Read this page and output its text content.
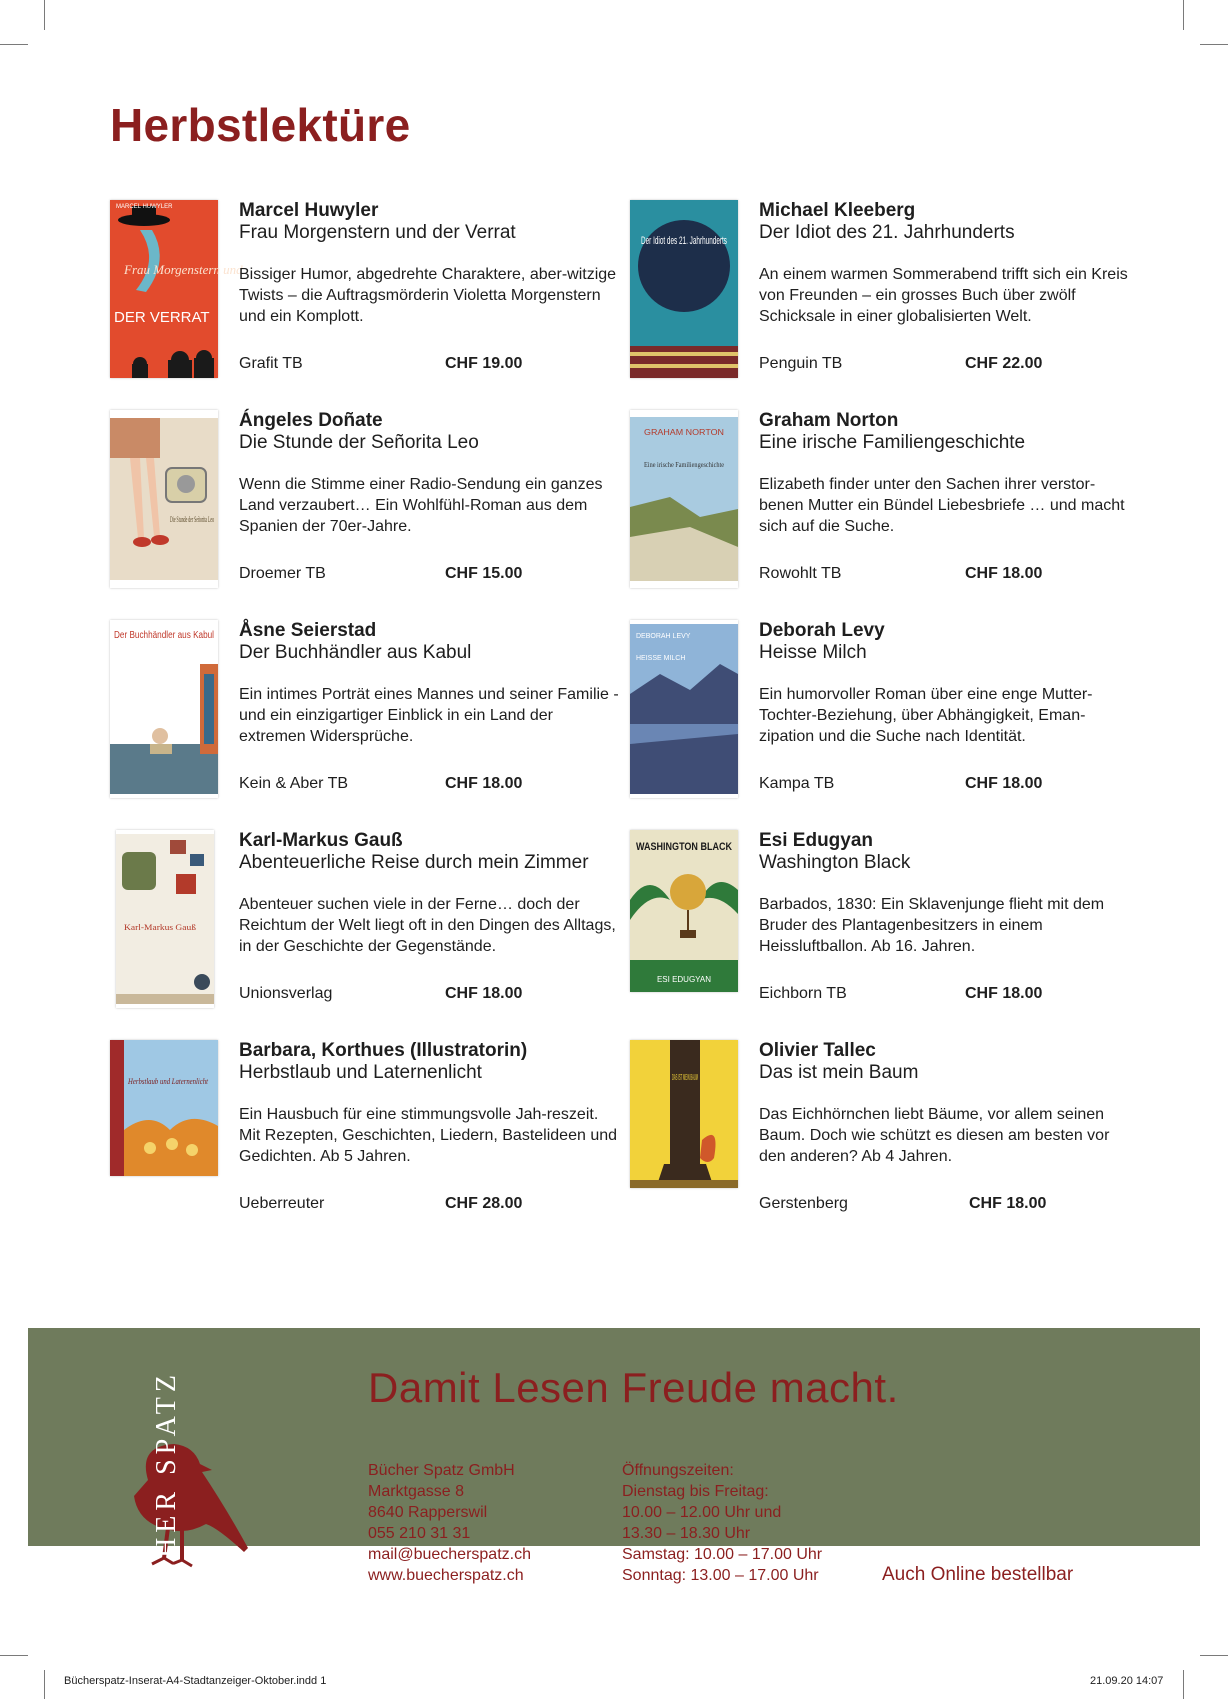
Herbstlektüre
MARCEL HUWYLER
Frau Morgenstern und
DER VERRAT

Marcel Huwyler

Frau Morgenstern und der Verrat

Bissiger Humor, abgedrehte Charaktere, aber-witzige Twists – die Auftragsmörderin Violetta Morgenstern und ein Komplott.

Grafit TB	CHF 19.00
Der Idiot des 21. Jahrhunderts

Michael Kleeberg

Der Idiot des 21. Jahrhunderts

An einem warmen Sommerabend trifft sich ein Kreis von Freunden – ein grosses Buch über zwölf Schicksale in einer globalisierten Welt.

Penguin TB	CHF 22.00
Die Stunde der Señorita Leo

Ángeles Doñate

Die Stunde der Señorita Leo

Wenn die Stimme einer Radio-Sendung ein ganzes Land verzaubert… Ein Wohlfühl-Roman aus dem Spanien der 70er-Jahre.

Droemer TB	CHF 15.00
GRAHAM NORTON
Eine irische Familiengeschichte

Graham Norton

Eine irische Familiengeschichte

Elizabeth finder unter den Sachen ihrer verstor-benen Mutter ein Bündel Liebesbriefe … und macht sich auf die Suche.

Rowohlt TB	CHF 18.00
Der Buchhändler aus Kabul Åsne Seierstad

Der Buchhändler aus Kabul

Ein intimes Porträt eines Mannes und seiner Familie - und ein einzigartiger Einblick in ein Land der extremen Widersprüche.

Kein & Aber TB	CHF 18.00
DEBORAH LEVY
HEISSE MILCH

Deborah Levy

Heisse Milch

Ein humorvoller Roman über eine enge Mutter-Tochter-Beziehung, über Abhängigkeit, Eman-zipation und die Suche nach Identität.

Kampa TB	CHF 18.00
Karl-Markus Gauß

Karl-Markus Gauß

Abenteuerliche Reise durch mein Zimmer

Abenteuer suchen viele in der Ferne… doch der Reichtum der Welt liegt oft in den Dingen des Alltags, in der Geschichte der Gegenstände.

Unionsverlag	CHF 18.00
WASHINGTON BLACK
ESI EDUGYAN

Esi Edugyan

Washington Black

Barbados, 1830: Ein Sklavenjunge flieht mit dem Bruder des Plantagenbesitzers in einem Heissluftballon. Ab 16. Jahren.

Eichborn TB	CHF 18.00
Herbstlaub und Laternenlicht

Barbara, Korthues (Illustratorin)

Herbstlaub und Laternenlicht

Ein Hausbuch für eine stimmungsvolle Jah-reszeit. Mit Rezepten, Geschichten, Liedern, Bastelideen und Gedichten. Ab 5 Jahren.

Ueberreuter	CHF 28.00
DAS IST MEIN BAUM

Olivier Tallec

Das ist mein Baum

Das Eichhörnchen liebt Bäume, vor allem seinen Baum. Doch wie schützt es diesen am besten vor den anderen? Ab 4 Jahren.

Gerstenberg	CHF 18.00
Damit Lesen Freude macht.
Bücher Spatz GmbH
Marktgasse 8
8640 Rapperswil
055 210 31 31
mail@buecherspatz.ch
www.buecherspatz.ch
Öffnungszeiten:
Dienstag bis Freitag:
10.00 – 12.00 Uhr und
13.30 – 18.30 Uhr
Samstag: 10.00 – 17.00 Uhr
Sonntag: 13.00 – 17.00 Uhr	Auch Online bestellbar
BÜCHER SPATZ
Bücherspatz-Inserat-A4-Stadtanzeiger-Oktober.indd 1	21.09.20 14:07
